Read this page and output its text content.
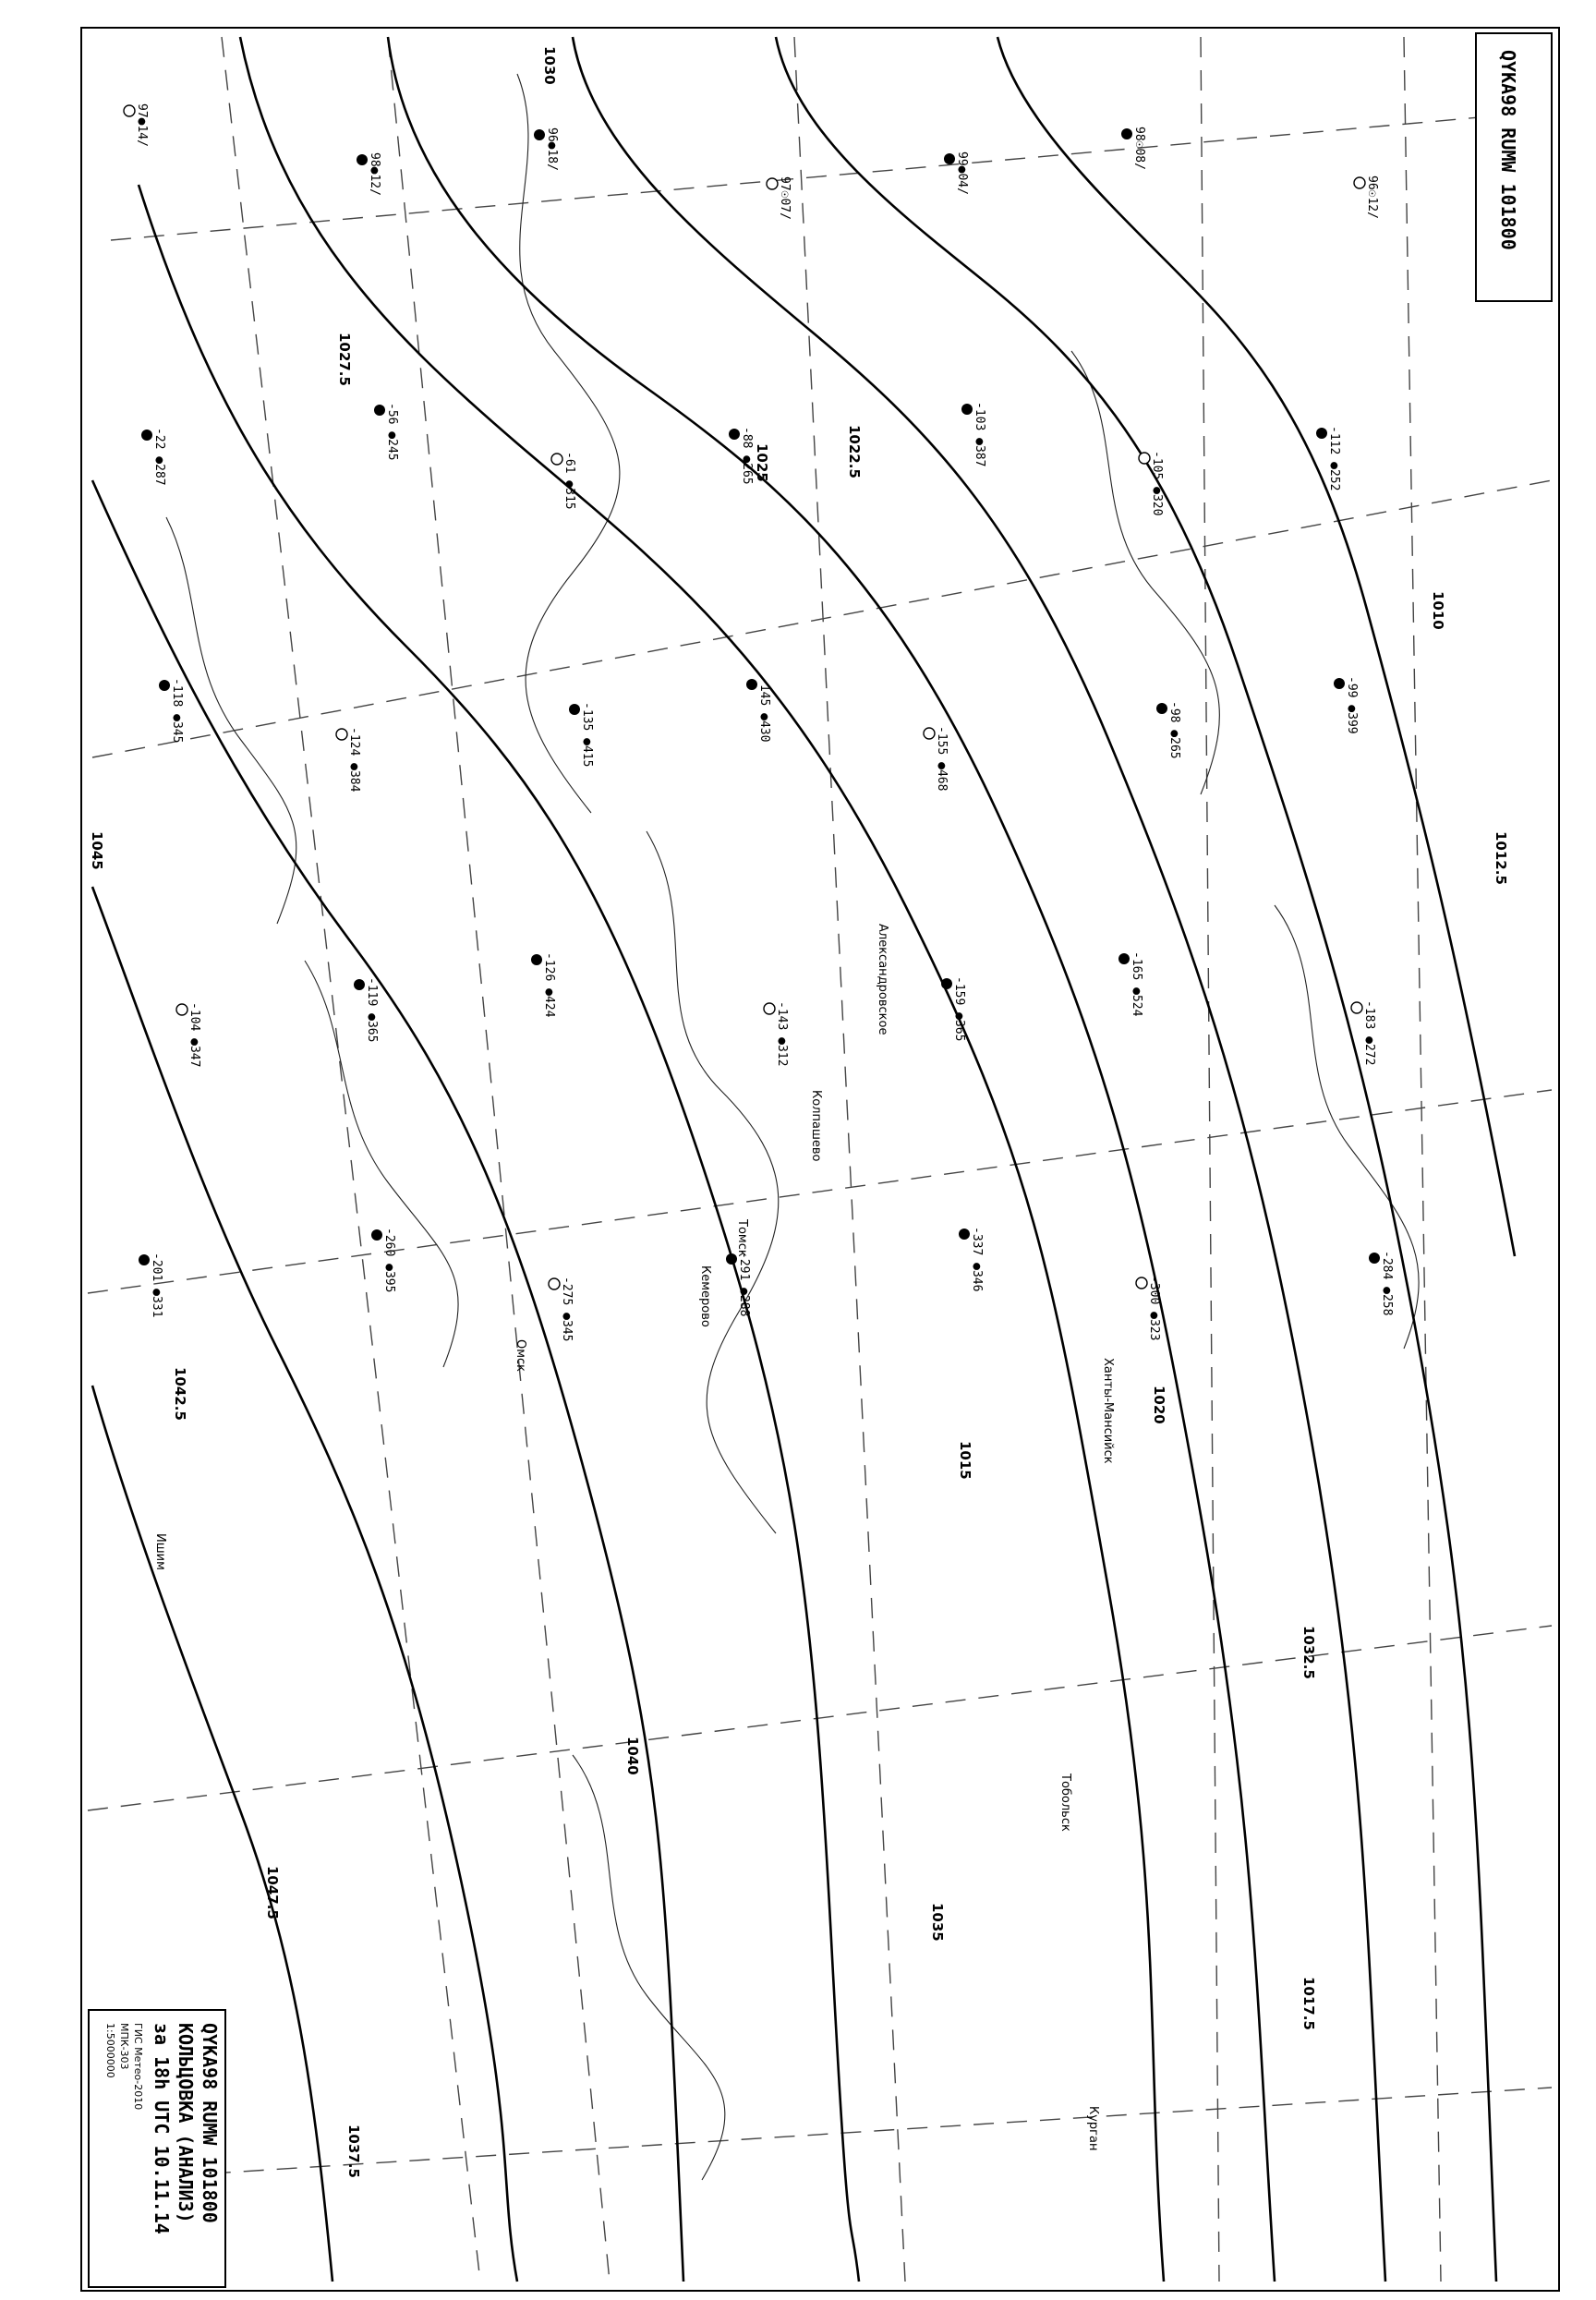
1010
1012.5
1015
1017.5
1020
1022.5
1025
1027.5
1030
1032.5
1035
1037.5
1040
1042.5
1045
1047.5
Кемерово
Томск
Александровское
Колпашево
Ханты-Мансийск
Тобольск
Курган
Омск
Ишим
97●14/
98●12/
96●18/
97☉07/
99●04/
98☉08/
96☉12/
-22 ●287	-56 ●245
-61 ●315	-88 ●265	-103 ●387
-105 ●320	-112 ●252
-118 ●345
-124 ●384	-135 ●415	-145 ●430
-155 ●468	-98 ●265	-99 ●399
-104 ●347	-119 ●365	-126 ●424
-143 ●312	-159 ●365	-165 ●524
-183 ●272
-201 ●331	-260 ●395
-275 ●345	-291 ●288	-337 ●346
-300 ●323	-284 ●258
QYKA98 RUMW 101800
QYKA98 RUMW 101800
КОЛЬЦОВКА (АНАЛИЗ)
за 18h UTC 10.11.14
ГИС Метео-2010
МПК-303
1:5000000
